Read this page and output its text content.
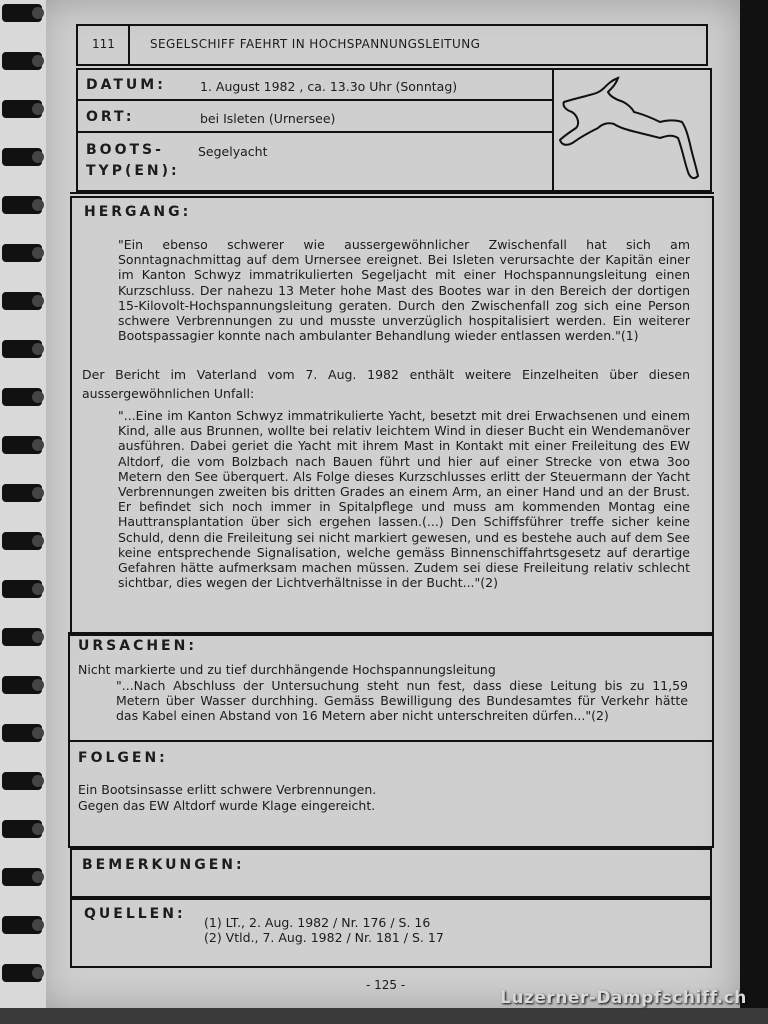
111	SEGELSCHIFF FAEHRT IN HOCHSPANNUNGSLEITUNG
DATUM:	1. August 1982 , ca. 13.3o Uhr (Sonntag)
ORT:	bei Isleten (Urnersee)
BOOTS-
TYP(EN):
Segelyacht
HERGANG:
"Ein ebenso schwerer wie aussergewöhnlicher Zwischenfall hat sich am Sonntagnachmittag auf dem Urnersee ereignet. Bei Isleten verursachte der Kapitän einer im Kanton Schwyz immatrikulierten Segeljacht mit einer Hochspannungsleitung einen Kurzschluss. Der nahezu 13 Meter hohe Mast des Bootes war in den Bereich der dortigen 15-Kilovolt-Hochspannungsleitung geraten. Durch den Zwischenfall zog sich eine Person schwere Verbrennungen zu und musste unverzüglich hospitalisiert werden. Ein weiterer Bootspassagier konnte nach ambulanter Behandlung wieder entlassen werden."(1)
Der Bericht im Vaterland vom 7. Aug. 1982 enthält weitere Einzelheiten über diesen aussergewöhnlichen Unfall:
"...Eine im Kanton Schwyz immatrikulierte Yacht, besetzt mit drei Erwachsenen und einem Kind, alle aus Brunnen, wollte bei relativ leichtem Wind in dieser Bucht ein Wendemanöver ausführen. Dabei geriet die Yacht mit ihrem Mast in Kontakt mit einer Freileitung des EW Altdorf, die vom Bolzbach nach Bauen führt und hier auf einer Strecke von etwa 3oo Metern den See überquert. Als Folge dieses Kurzschlusses erlitt der Steuermann der Yacht Verbrennungen zweiten bis dritten Grades an einem Arm, an einer Hand und an der Brust. Er befindet sich noch immer in Spitalpflege und muss am kommenden Montag eine Hauttransplantation über sich ergehen lassen.(...) Den Schiffsführer treffe sicher keine Schuld, denn die Freileitung sei nicht markiert gewesen, und es bestehe auch auf dem See keine entsprechende Signalisation, welche gemäss Binnenschiffahrtsgesetz auf derartige Gefahren hätte aufmerksam machen müssen. Zudem sei diese Freileitung relativ schlecht sichtbar, dies wegen der Lichtverhältnisse in der Bucht..."(2)
URSACHEN:
Nicht markierte und zu tief durchhängende Hochspannungsleitung
"...Nach Abschluss der Untersuchung steht nun fest, dass diese Leitung bis zu 11,59 Metern über Wasser durchhing. Gemäss Bewilligung des Bundesamtes für Verkehr hätte das Kabel einen Abstand von 16 Metern aber nicht unterschreiten dürfen..."(2)
FOLGEN:
Ein Bootsinsasse erlitt schwere Verbrennungen.
Gegen das EW Altdorf wurde Klage eingereicht.
BEMERKUNGEN:
QUELLEN:
(1) LT., 2. Aug. 1982 / Nr. 176 / S. 16
(2) Vtld., 7. Aug. 1982 / Nr. 181 / S. 17
- 125 -
Luzerner-Dampfschiff.ch
